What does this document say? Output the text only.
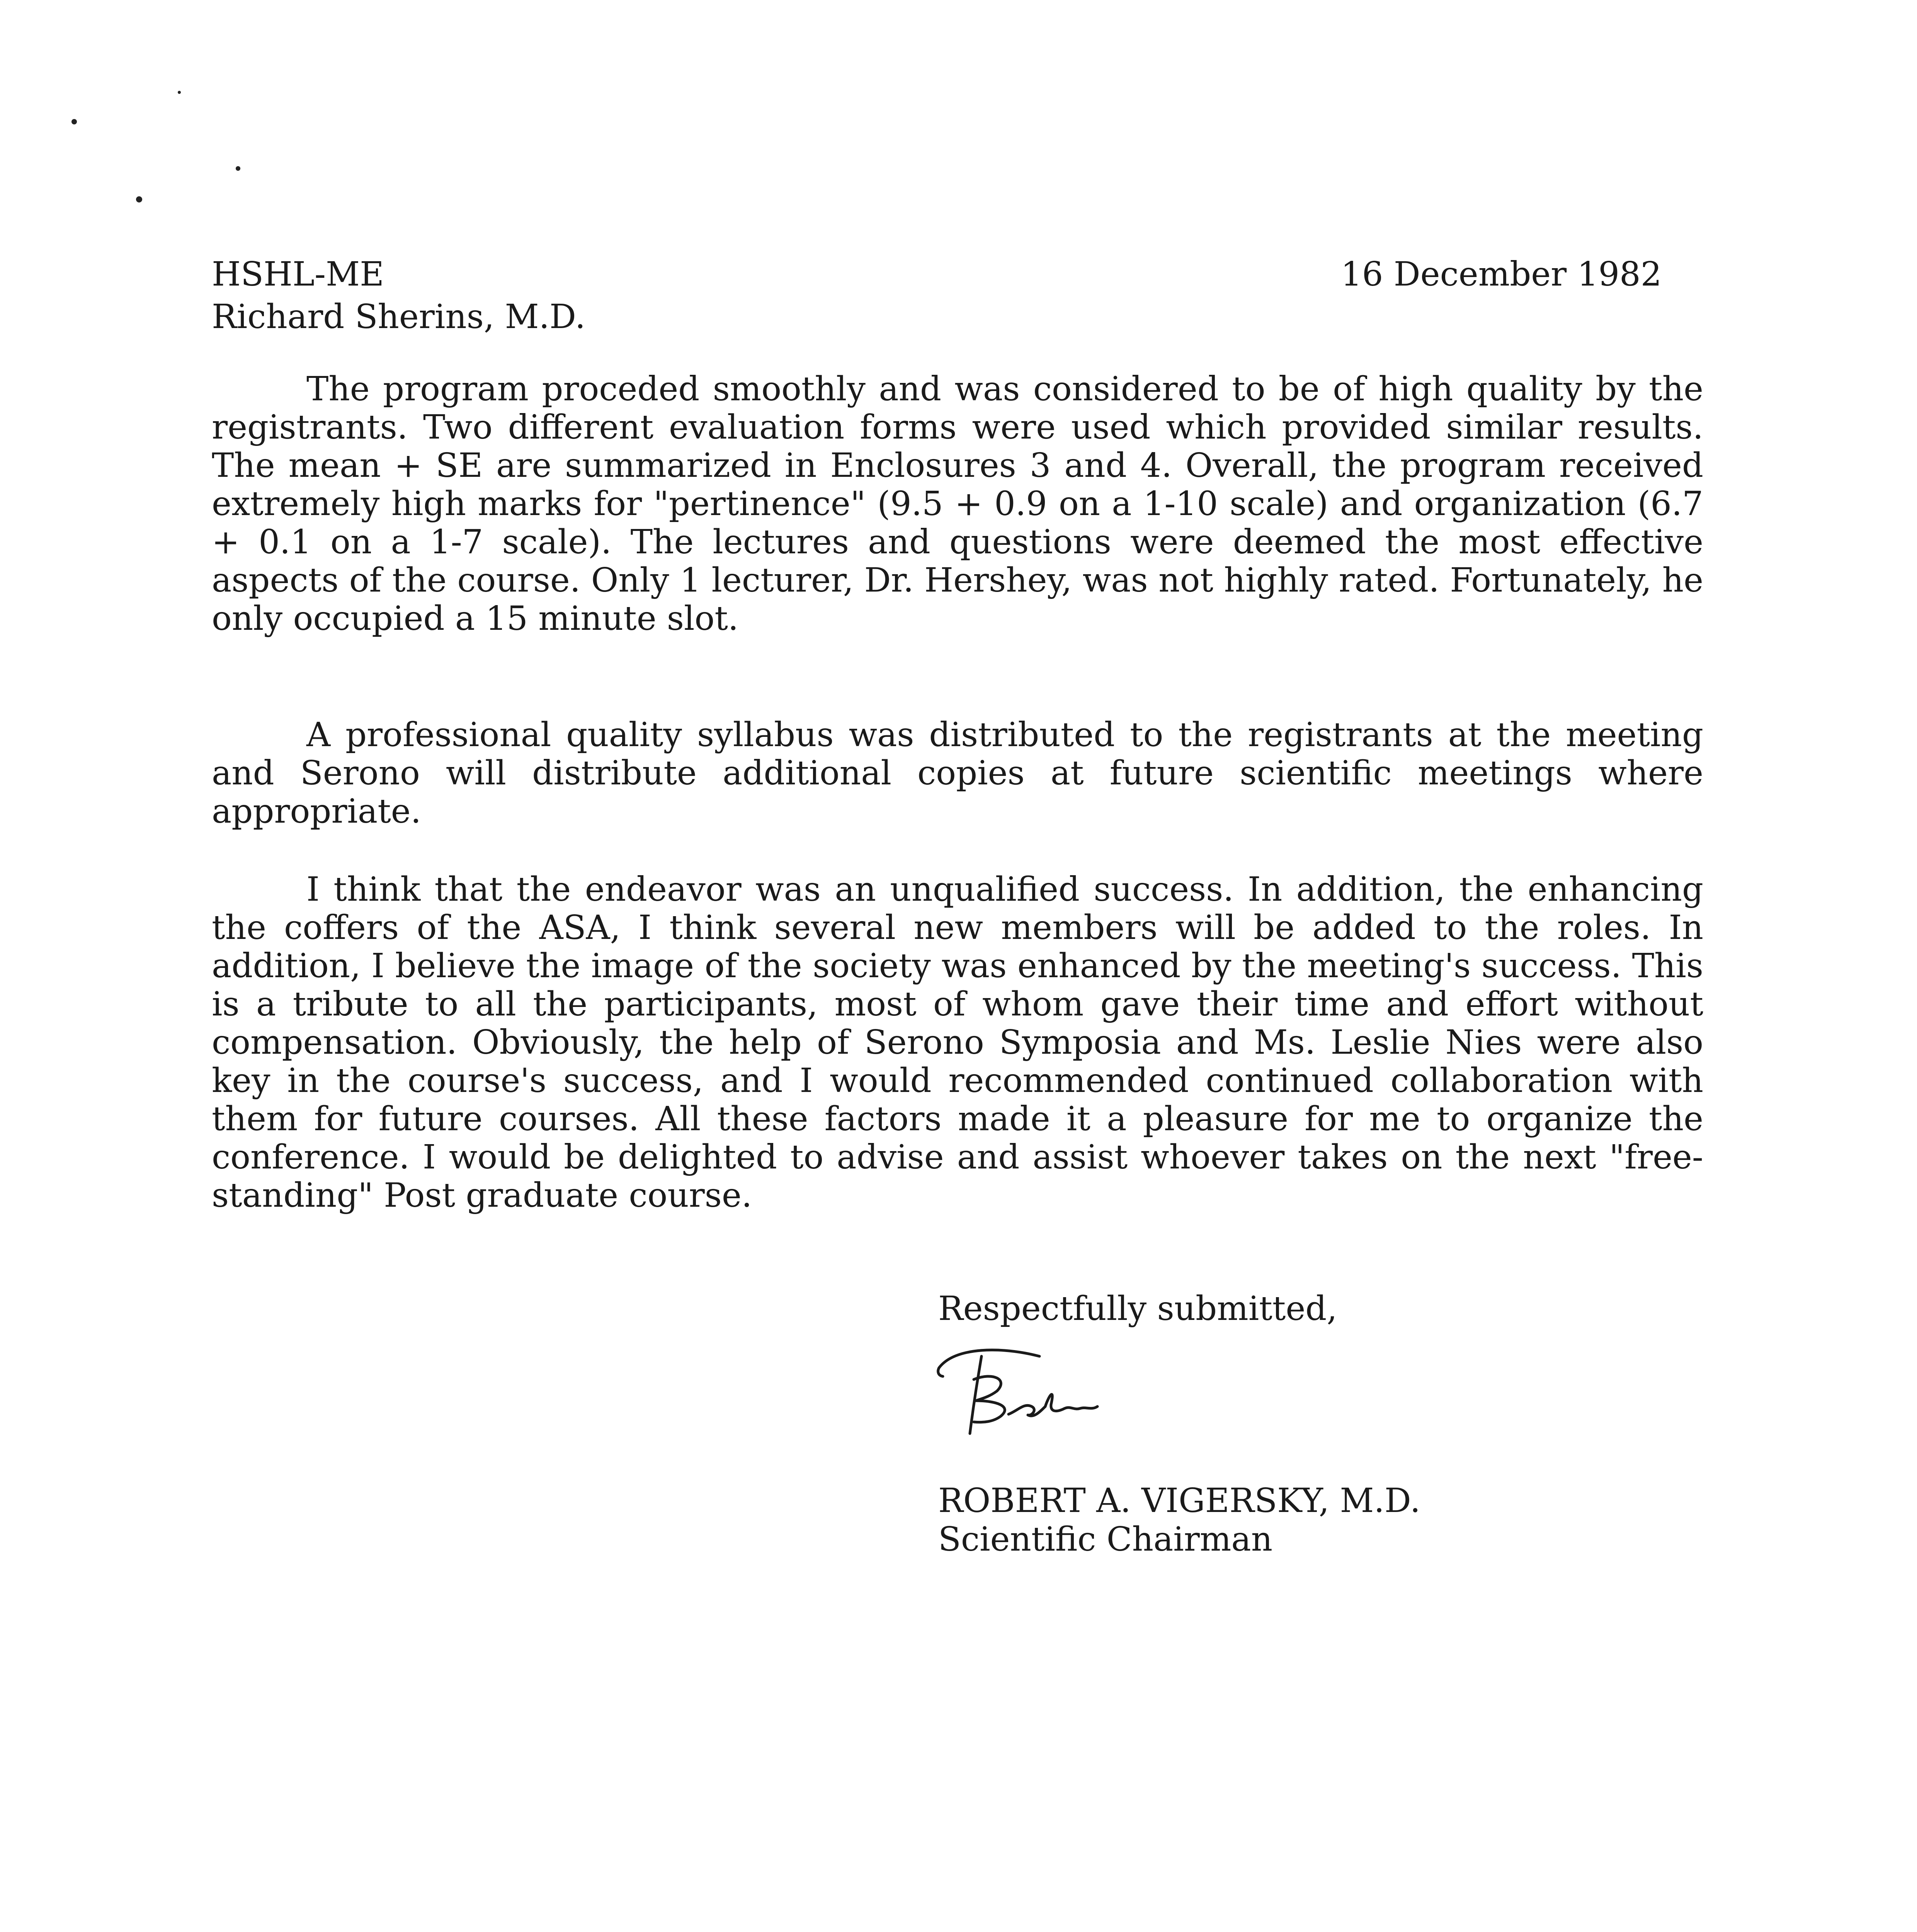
HSHL-ME
Richard Sherins, M.D.
16 December 1982

The program proceded smoothly and was considered to be of high quality by the registrants. Two different evaluation forms were used which provided similar results. The mean + SE are summarized in Enclosures 3 and 4. Overall, the program received extremely high marks for "pertinence" (9.5 + 0.9 on a 1-10 scale) and organization (6.7 + 0.1 on a 1-7 scale). The lectures and questions were deemed the most effective aspects of the course. Only 1 lecturer, Dr. Hershey, was not highly rated. Fortunately, he only occupied a 15 minute slot.

A professional quality syllabus was distributed to the registrants at the meeting and Serono will distribute additional copies at future scientific meetings where appropriate.

I think that the endeavor was an unqualified success. In addition, the enhancing the coffers of the ASA, I think several new members will be added to the roles. In addition, I believe the image of the society was enhanced by the meeting's success. This is a tribute to all the participants, most of whom gave their time and effort without compensation. Obviously, the help of Serono Symposia and Ms. Leslie Nies were also key in the course's success, and I would recommended continued collaboration with them for future courses. All these factors made it a pleasure for me to organize the conference. I would be delighted to advise and assist whoever takes on the next "free-standing" Post graduate course.

Respectfully submitted,
ROBERT A. VIGERSKY, M.D.
Scientific Chairman
